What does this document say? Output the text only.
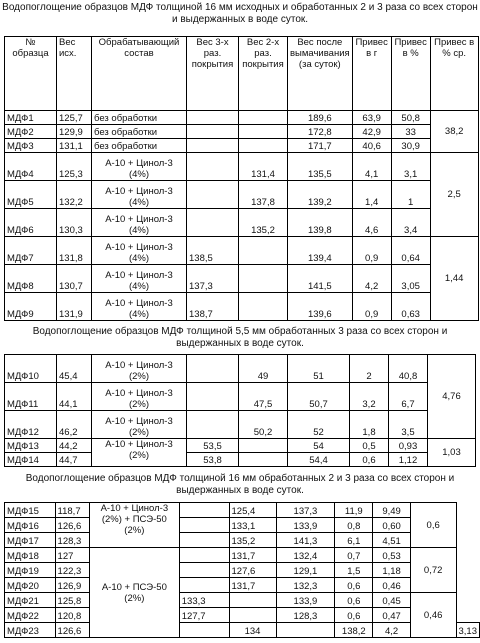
Водопоглощение образцов МДФ толщиной 16 мм исходных и обработанных 2 и 3 раза со всех сторон и выдержанных в воде суток.
№ образца	Вес исх.	Обрабатывающий состав	Вес 3-х раз. покрытия	Вес 2-х раз. покрытия	Вес после вымачивания (за суток)	Привес в г	Привес в %	Привес в % ср.
МДФ1	125,7	без обработки			189,6	63,9	50,8	38,2
МДФ2	129,9	без обработки			172,8	42,9	33	
МДФ3	131,1	без обработки			171,7	40,6	30,9	
МДФ4	125,3	А-10 + Цинол-3 (4%)		131,4	135,5	4,1	3,1	2,5
МДФ5	132,2	А-10 + Цинол-3 (4%)		137,8	139,2	1,4	1	
МДФ6	130,3	А-10 + Цинол-3 (4%)		135,2	139,8	4,6	3,4	
МДФ7	131,8	А-10 + Цинол-3 (4%)	138,5		139,4	0,9	0,64	1,44
МДФ8	130,7	А-10 + Цинол-3 (4%)	137,3		141,5	4,2	3,05	
МДФ9	131,9	А-10 + Цинол-3 (4%)	138,7		139,6	0,9	0,63	
Водопоглощение образцов МДФ толщиной 5,5 мм обработанных 3 раза со всех сторон и выдержанных в воде суток.
МДФ10	45,4	А-10 + Цинол-3 (2%)		49	51	2	40,8	4,76
МДФ11	44,1	А-10 + Цинол-3 (2%)		47,5	50,7	3,2	6,7	
МДФ12	46,2	А-10 + Цинол-3 (2%)		50,2	52	1,8	3,5	
МДФ13	44,2	А-10 + Цинол-3 (2%)	53,5		54	0,5	0,93	1,03
МДФ14	44,7		53,8		54,4	0,6	1,12	
Водопоглощение образцов МДФ толщиной 16 мм обработанных 2 и 3 раза со всех сторон и выдержанных в воде суток.
МДФ15	118,7	А-10 + Цинол-3 (2%) + ПСЭ-50 (2%)		125,4	137,3	11,9	9,49	0,6	
МДФ16	126,6			133,1	133,9	0,8	0,60		
МДФ17	128,3			135,2	141,3	6,1	4,51		
МДФ18	127	А-10 + ПСЭ-50 (2%)		131,7	132,4	0,7	0,53	0,72	
МДФ19	122,3			127,6	129,1	1,5	1,18		
МДФ20	126,9			131,7	132,3	0,6	0,46		
МДФ21	125,8		133,3		133,9	0,6	0,45	0,46	
МДФ22	120,8		127,7		128,3	0,6	0,47		
МДФ23	126,6			134		138,2	4,2		3,13
